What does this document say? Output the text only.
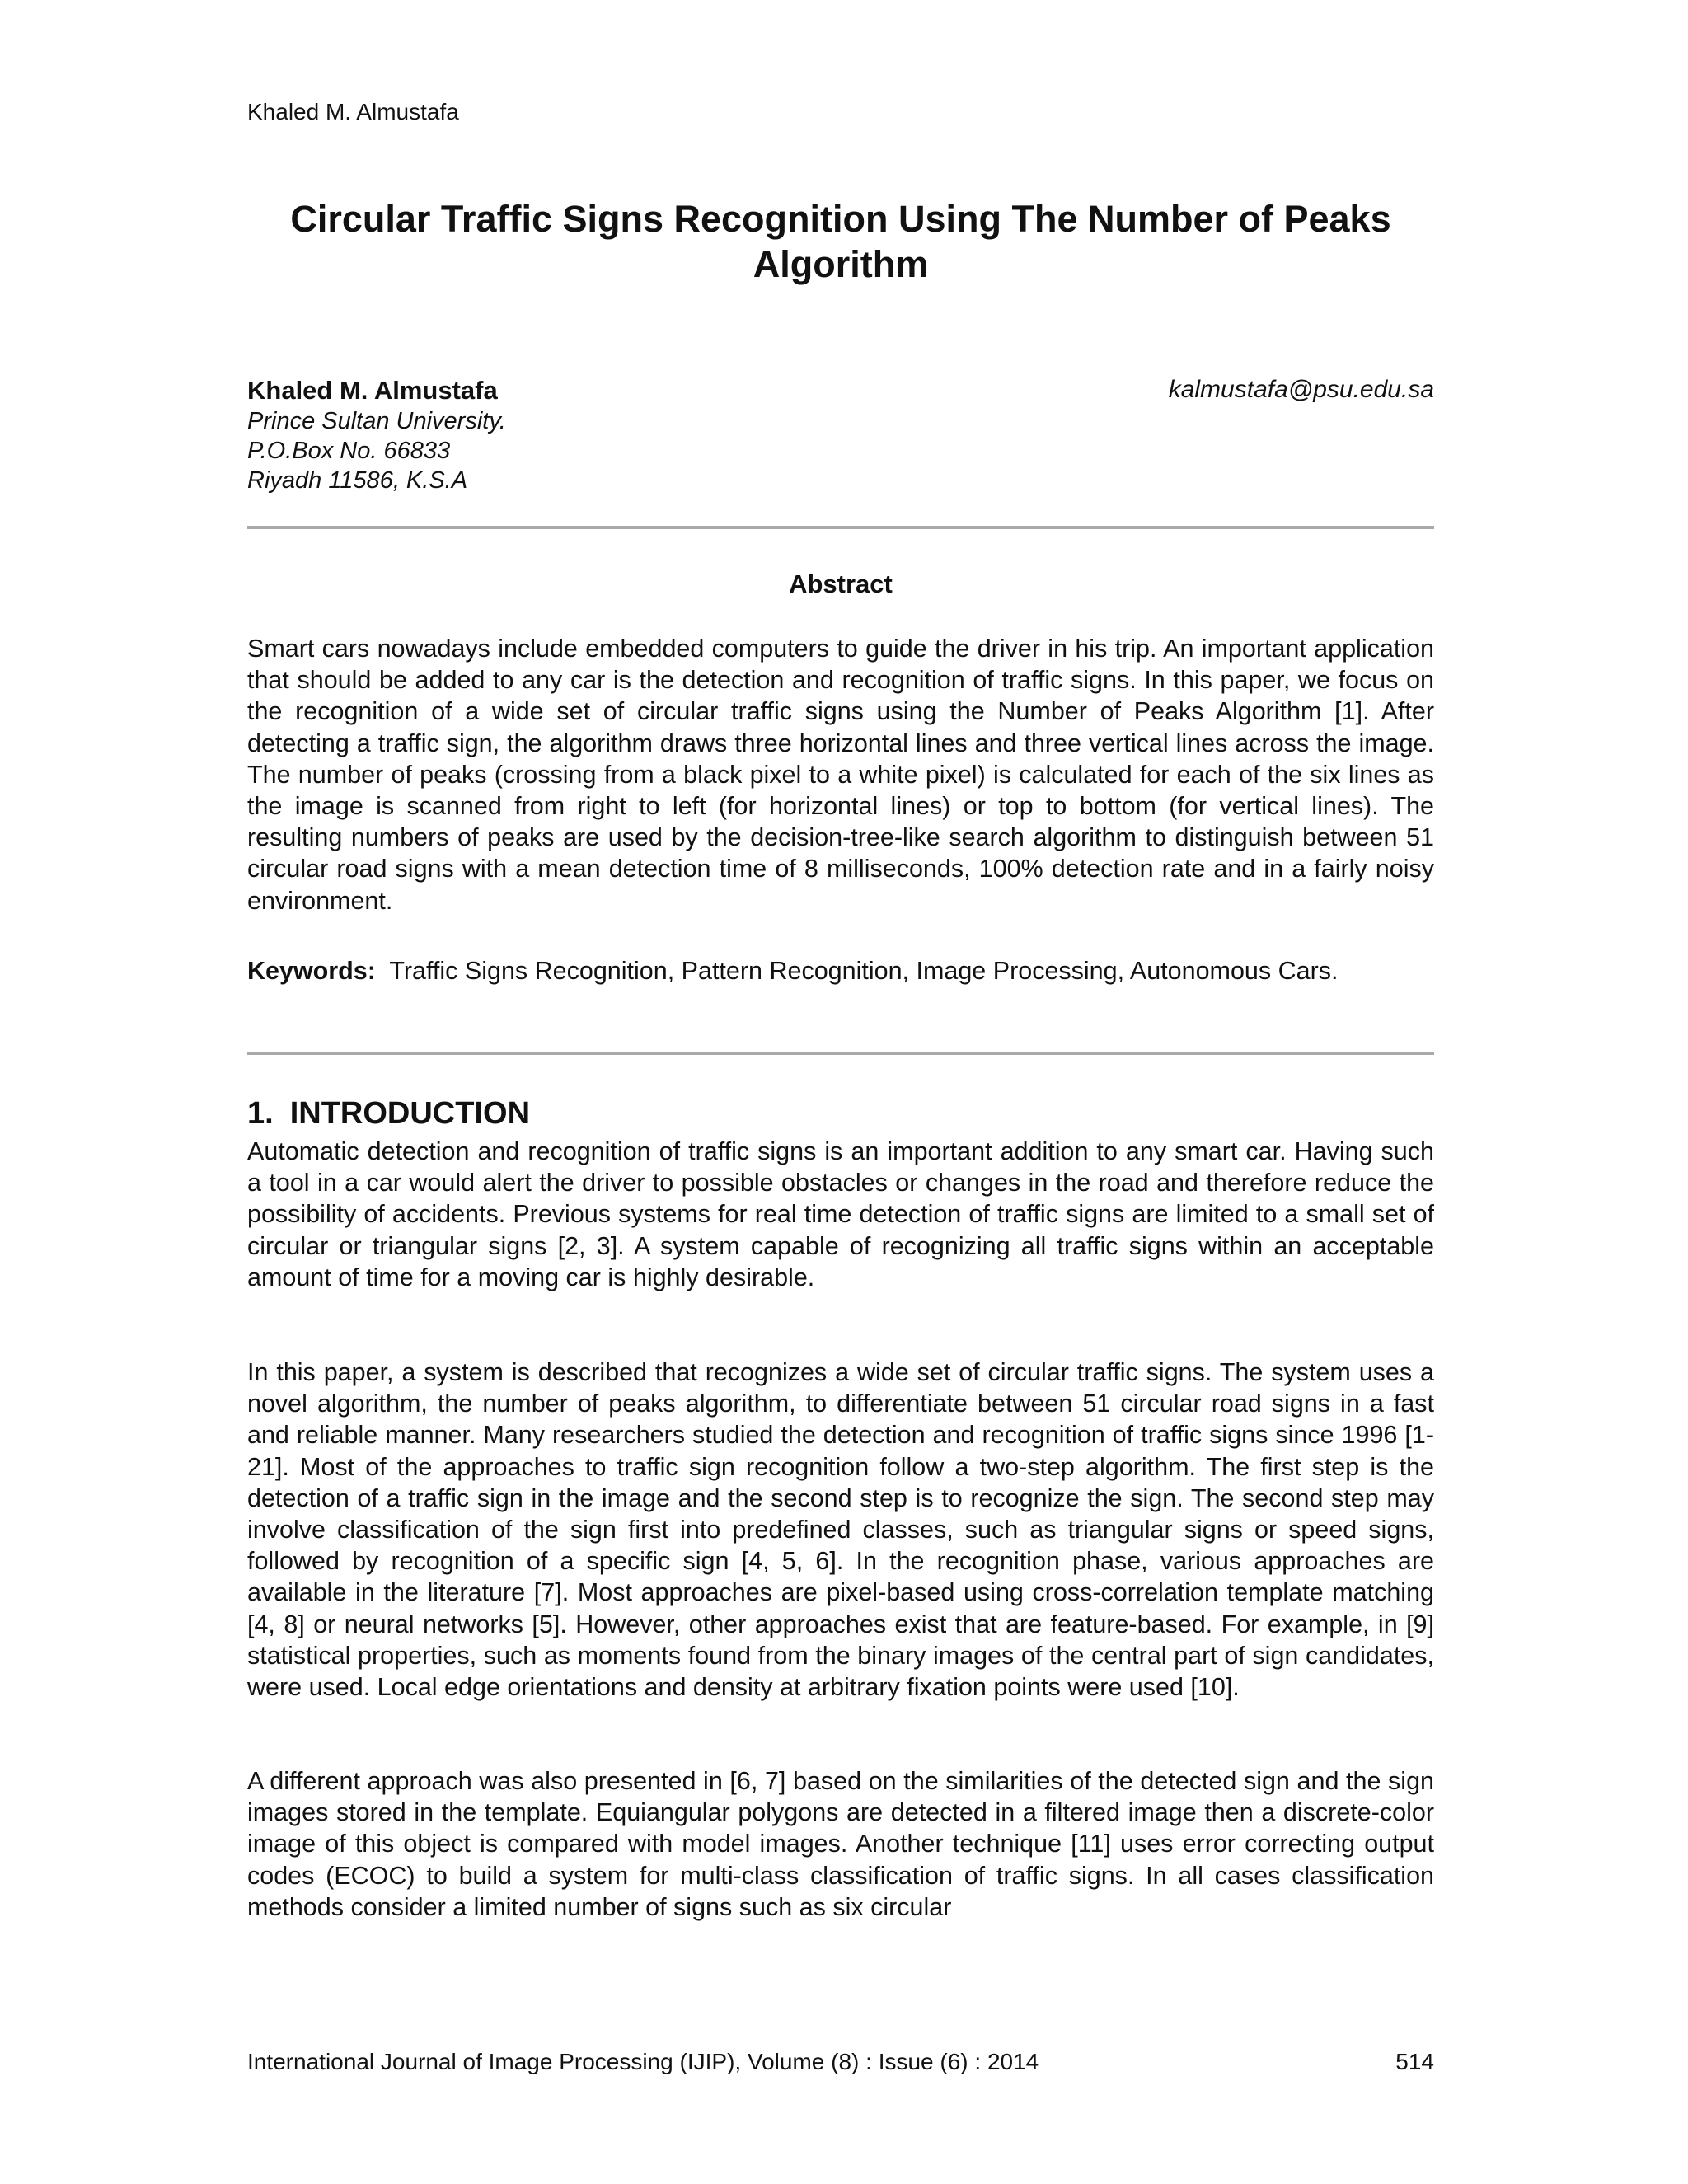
Khaled M. Almustafa
Circular Traffic Signs Recognition Using The Number of Peaks Algorithm
Khaled M. Almustafa	kalmustafa@psu.edu.sa
Prince Sultan University.
P.O.Box No. 66833
Riyadh 11586, K.S.A
Abstract
Smart cars nowadays include embedded computers to guide the driver in his trip. An important application that should be added to any car is the detection and recognition of traffic signs. In this paper, we focus on the recognition of a wide set of circular traffic signs using the Number of Peaks Algorithm [1]. After detecting a traffic sign, the algorithm draws three horizontal lines and three vertical lines across the image. The number of peaks (crossing from a black pixel to a white pixel) is calculated for each of the six lines as the image is scanned from right to left (for horizontal lines) or top to bottom (for vertical lines). The resulting numbers of peaks are used by the decision-tree-like search algorithm to distinguish between 51 circular road signs with a mean detection time of 8 milliseconds, 100% detection rate and in a fairly noisy environment.
Keywords: Traffic Signs Recognition, Pattern Recognition, Image Processing, Autonomous Cars.
1. INTRODUCTION
Automatic detection and recognition of traffic signs is an important addition to any smart car. Having such a tool in a car would alert the driver to possible obstacles or changes in the road and therefore reduce the possibility of accidents. Previous systems for real time detection of traffic signs are limited to a small set of circular or triangular signs [2, 3]. A system capable of recognizing all traffic signs within an acceptable amount of time for a moving car is highly desirable.
In this paper, a system is described that recognizes a wide set of circular traffic signs. The system uses a novel algorithm, the number of peaks algorithm, to differentiate between 51 circular road signs in a fast and reliable manner. Many researchers studied the detection and recognition of traffic signs since 1996 [1-21]. Most of the approaches to traffic sign recognition follow a two-step algorithm. The first step is the detection of a traffic sign in the image and the second step is to recognize the sign. The second step may involve classification of the sign first into predefined classes, such as triangular signs or speed signs, followed by recognition of a specific sign [4, 5, 6]. In the recognition phase, various approaches are available in the literature [7]. Most approaches are pixel-based using cross-correlation template matching [4, 8] or neural networks [5]. However, other approaches exist that are feature-based. For example, in [9] statistical properties, such as moments found from the binary images of the central part of sign candidates, were used. Local edge orientations and density at arbitrary fixation points were used [10].
A different approach was also presented in [6, 7] based on the similarities of the detected sign and the sign images stored in the template. Equiangular polygons are detected in a filtered image then a discrete-color image of this object is compared with model images. Another technique [11] uses error correcting output codes (ECOC) to build a system for multi-class classification of traffic signs. In all cases classification methods consider a limited number of signs such as six circular
International Journal of Image Processing (IJIP), Volume (8) : Issue (6) : 2014	514
